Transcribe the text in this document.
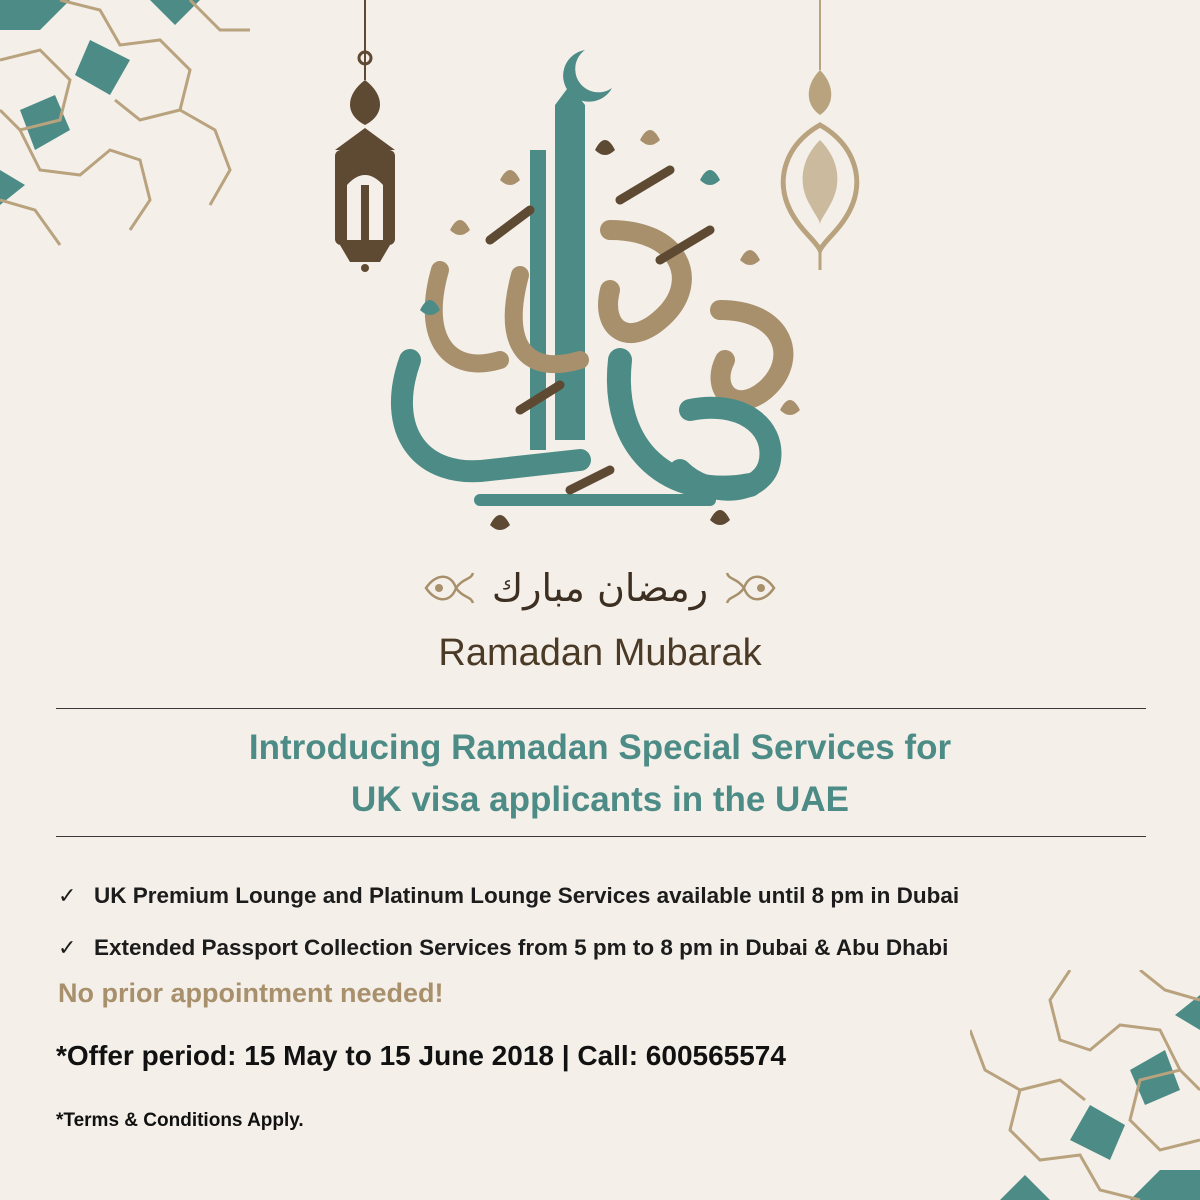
رمضان مبارك
Ramadan Mubarak
Introducing Ramadan Special Services for
UK visa applicants in the UAE
✓ UK Premium Lounge and Platinum Lounge Services available until 8 pm in Dubai
✓ Extended Passport Collection Services from 5 pm to 8 pm in Dubai & Abu Dhabi
No prior appointment needed!
*Offer period: 15 May to 15 June 2018 | Call: 600565574
*Terms & Conditions Apply.
